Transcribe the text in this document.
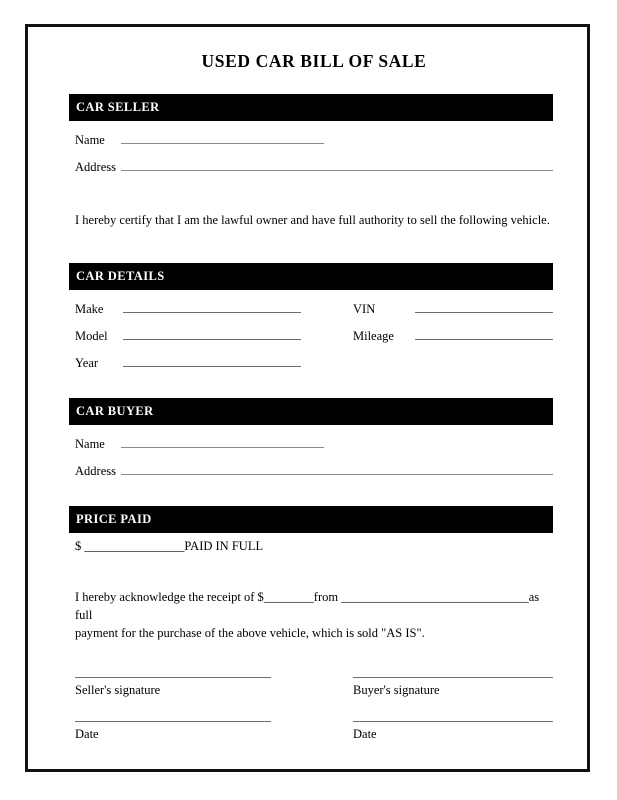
USED CAR BILL OF SALE
CAR SELLER
Name
Address

I hereby certify that I am the lawful owner and have full authority to sell the following vehicle.

CAR DETAILS
Make
Model
Year
VIN
Mileage
CAR BUYER
Name
Address
PRICE PAID
$ ________________PAID IN FULL

I hereby acknowledge the receipt of $________from ______________________________as full

payment for the purchase of the above vehicle, which is sold "AS IS".

Seller's signature	Buyer's signature
Date	Date
